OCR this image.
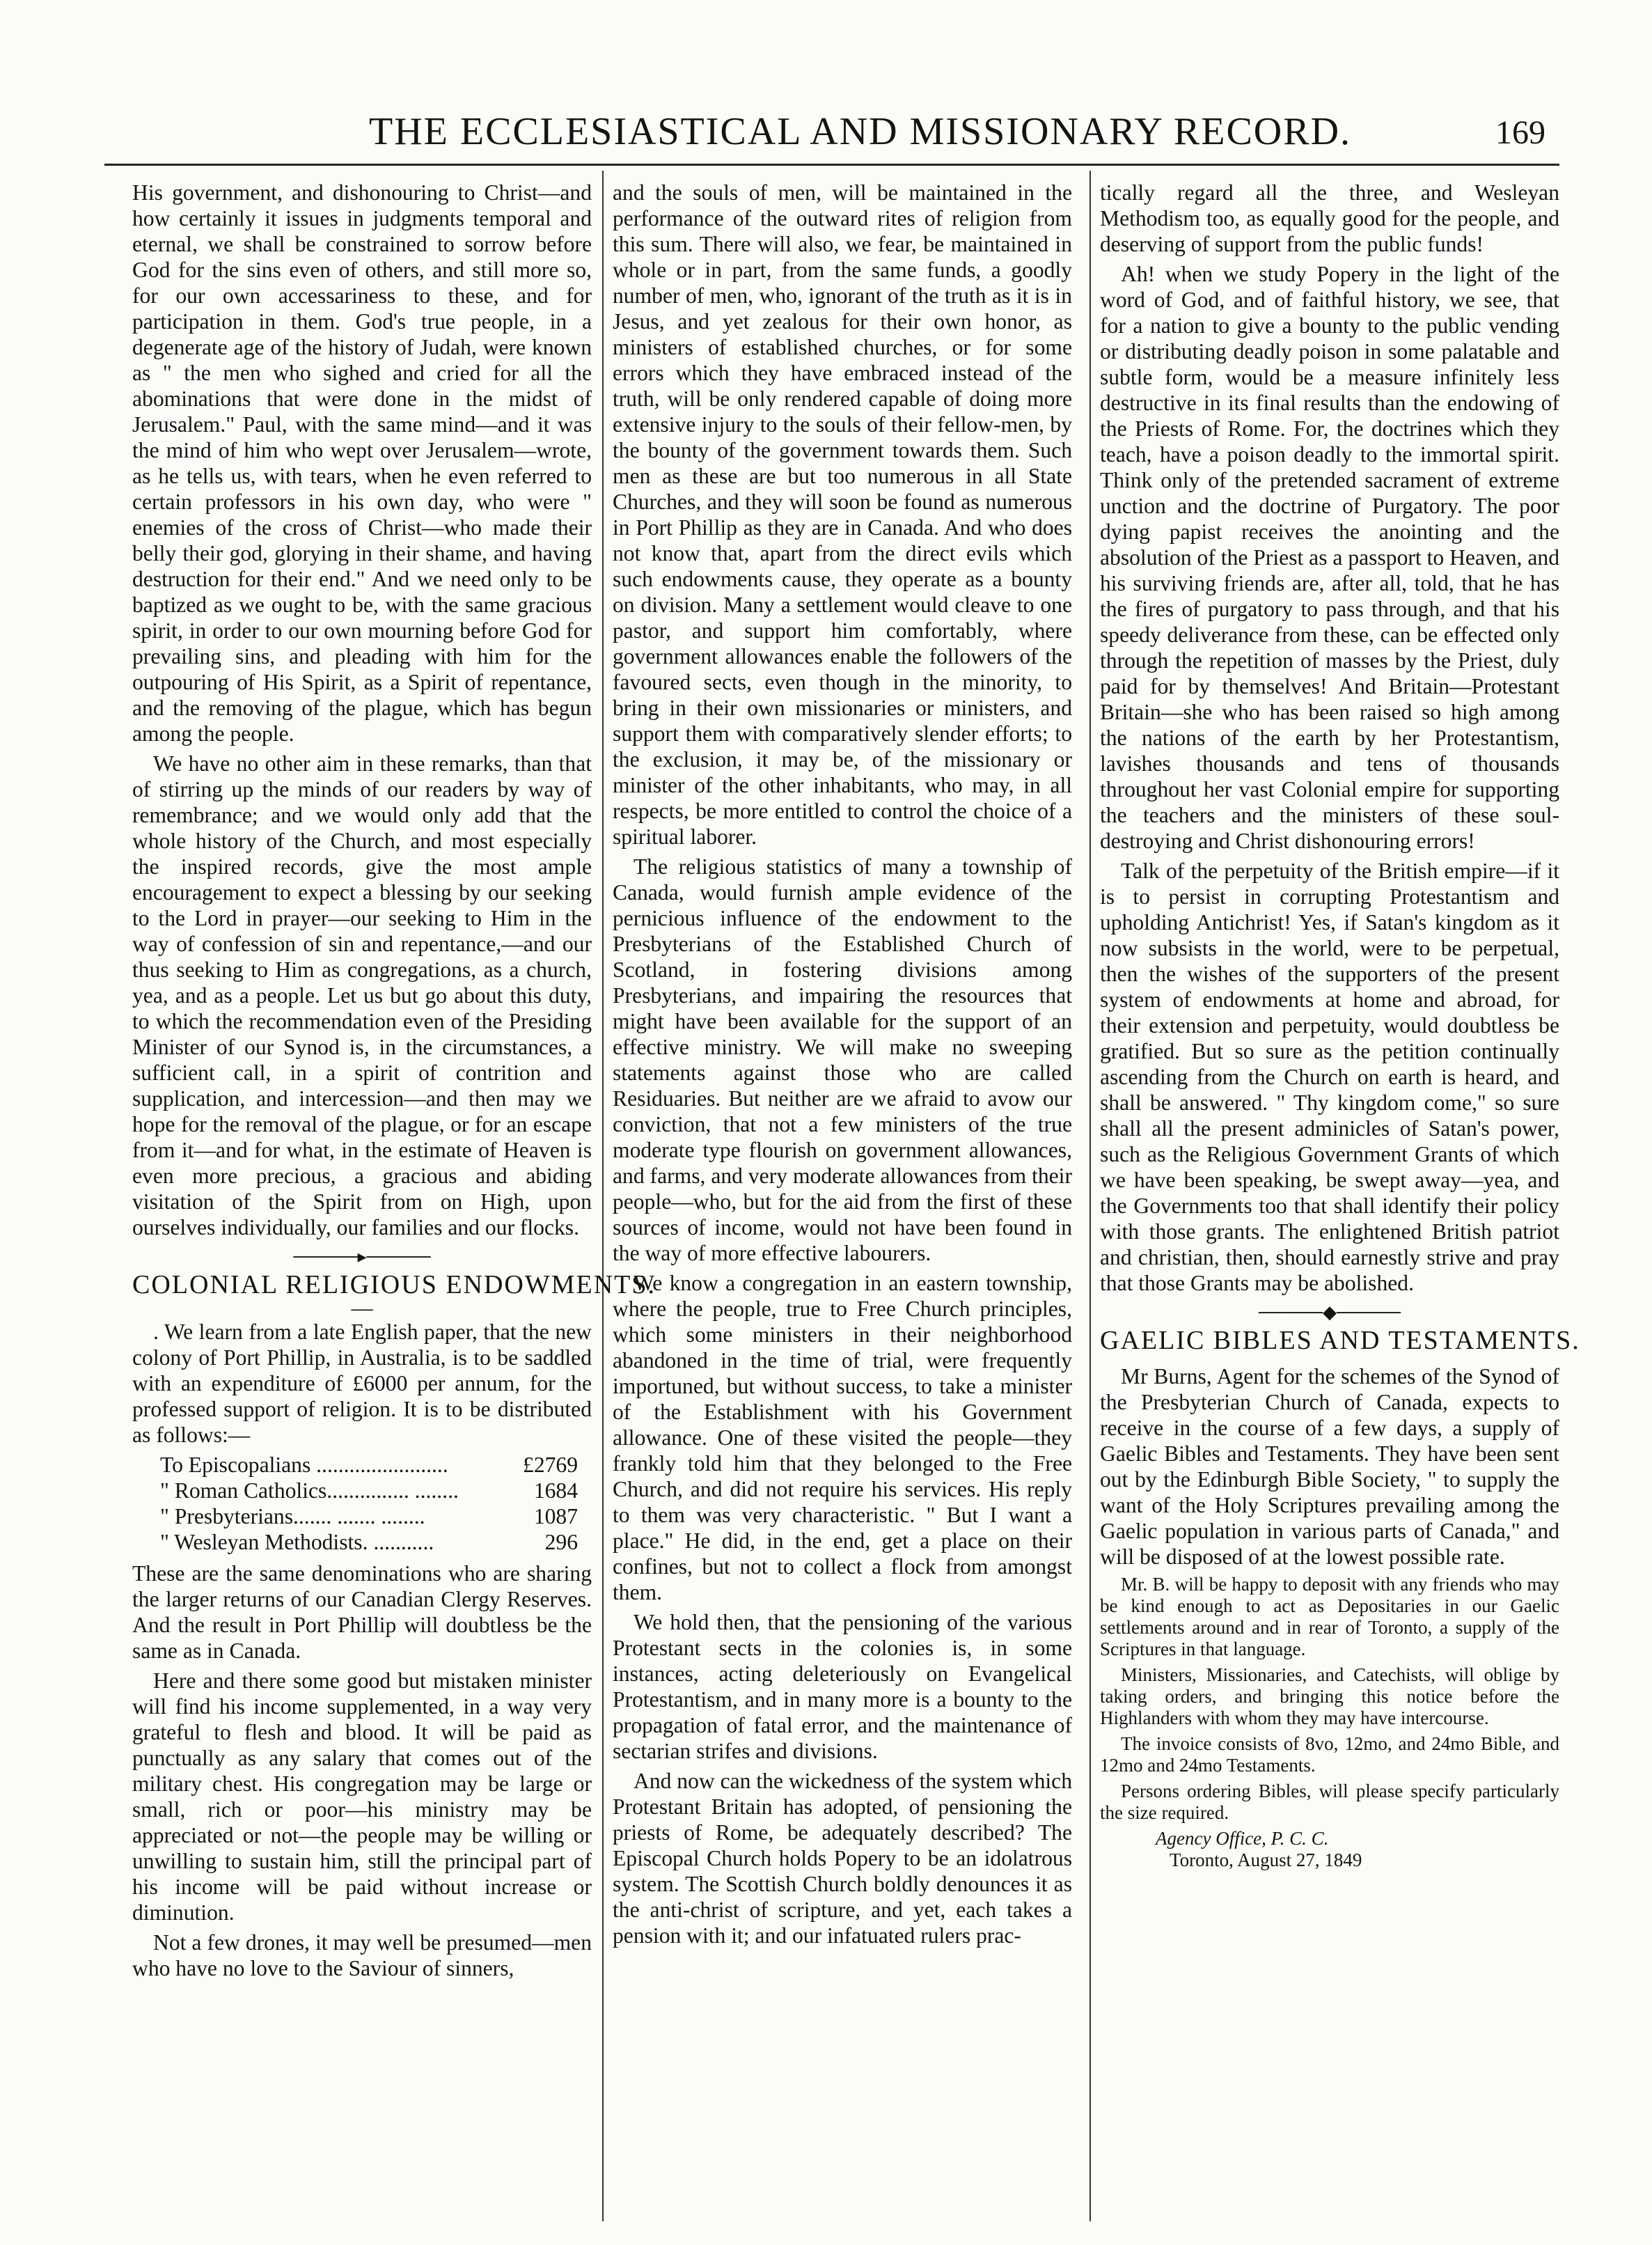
THE ECCLESIASTICAL AND MISSIONARY RECORD.	169

His government, and dishonouring to Christ—and how certainly it issues in judgments temporal and eternal, we shall be constrained to sorrow before God for the sins even of others, and still more so, for our own accessariness to these, and for participation in them. God's true people, in a degenerate age of the history of Judah, were known as " the men who sighed and cried for all the abominations that were done in the midst of Jerusalem." Paul, with the same mind—and it was the mind of him who wept over Jerusalem—wrote, as he tells us, with tears, when he even referred to certain professors in his own day, who were " enemies of the cross of Christ—who made their belly their god, glorying in their shame, and having destruction for their end." And we need only to be baptized as we ought to be, with the same gracious spirit, in order to our own mourning before God for prevailing sins, and pleading with him for the outpouring of His Spirit, as a Spirit of repentance, and the removing of the plague, which has begun among the people.

We have no other aim in these remarks, than that of stirring up the minds of our readers by way of remembrance; and we would only add that the whole history of the Church, and most especially the inspired records, give the most ample encouragement to expect a blessing by our seeking to the Lord in prayer—our seeking to Him in the way of confession of sin and repentance,—and our thus seeking to Him as congregations, as a church, yea, and as a people. Let us but go about this duty, to which the recommendation even of the Presiding Minister of our Synod is, in the circumstances, a sufficient call, in a spirit of contrition and supplication, and intercession—and then may we hope for the removal of the plague, or for an escape from it—and for what, in the estimate of Heaven is even more precious, a gracious and abiding visitation of the Spirit from on High, upon ourselves individually, our families and our flocks.

─────▸─────
COLONIAL RELIGIOUS ENDOWMENTS.
──

. We learn from a late English paper, that the new colony of Port Phillip, in Australia, is to be saddled with an expenditure of £6000 per annum, for the professed support of religion. It is to be distributed as follows:—

To Episcopalians ........................	£2769
" Roman Catholics............... ........	1684
" Presbyterians....... ....... ........	1087
" Wesleyan Methodists. ...........	296

These are the same denominations who are sharing the larger returns of our Canadian Clergy Reserves. And the result in Port Phillip will doubtless be the same as in Canada.

Here and there some good but mistaken minister will find his income supplemented, in a way very grateful to flesh and blood. It will be paid as punctually as any salary that comes out of the military chest. His congregation may be large or small, rich or poor—his ministry may be appreciated or not—the people may be willing or unwilling to sustain him, still the principal part of his income will be paid without increase or diminution.

Not a few drones, it may well be presumed—men who have no love to the Saviour of sinners,

and the souls of men, will be maintained in the performance of the outward rites of religion from this sum. There will also, we fear, be maintained in whole or in part, from the same funds, a goodly number of men, who, ignorant of the truth as it is in Jesus, and yet zealous for their own honor, as ministers of established churches, or for some errors which they have embraced instead of the truth, will be only rendered capable of doing more extensive injury to the souls of their fellow-men, by the bounty of the government towards them. Such men as these are but too numerous in all State Churches, and they will soon be found as numerous in Port Phillip as they are in Canada. And who does not know that, apart from the direct evils which such endowments cause, they operate as a bounty on division. Many a settlement would cleave to one pastor, and support him comfortably, where government allowances enable the followers of the favoured sects, even though in the minority, to bring in their own missionaries or ministers, and support them with comparatively slender efforts; to the exclusion, it may be, of the missionary or minister of the other inhabitants, who may, in all respects, be more entitled to control the choice of a spiritual laborer.

The religious statistics of many a township of Canada, would furnish ample evidence of the pernicious influence of the endowment to the Presbyterians of the Established Church of Scotland, in fostering divisions among Presbyterians, and impairing the resources that might have been available for the support of an effective ministry. We will make no sweeping statements against those who are called Residuaries. But neither are we afraid to avow our conviction, that not a few ministers of the true moderate type flourish on government allowances, and farms, and very moderate allowances from their people—who, but for the aid from the first of these sources of income, would not have been found in the way of more effective labourers.

We know a congregation in an eastern township, where the people, true to Free Church principles, which some ministers in their neighborhood abandoned in the time of trial, were frequently importuned, but without success, to take a minister of the Establishment with his Government allowance. One of these visited the people—they frankly told him that they belonged to the Free Church, and did not require his services. His reply to them was very characteristic. " But I want a place." He did, in the end, get a place on their confines, but not to collect a flock from amongst them.

We hold then, that the pensioning of the various Protestant sects in the colonies is, in some instances, acting deleteriously on Evangelical Protestantism, and in many more is a bounty to the propagation of fatal error, and the maintenance of sectarian strifes and divisions.

And now can the wickedness of the system which Protestant Britain has adopted, of pensioning the priests of Rome, be adequately described? The Episcopal Church holds Popery to be an idolatrous system. The Scottish Church boldly denounces it as the anti-christ of scripture, and yet, each takes a pension with it; and our infatuated rulers prac-

tically regard all the three, and Wesleyan Methodism too, as equally good for the people, and deserving of support from the public funds!

Ah! when we study Popery in the light of the word of God, and of faithful history, we see, that for a nation to give a bounty to the public vending or distributing deadly poison in some palatable and subtle form, would be a measure infinitely less destructive in its final results than the endowing of the Priests of Rome. For, the doctrines which they teach, have a poison deadly to the immortal spirit. Think only of the pretended sacrament of extreme unction and the doctrine of Purgatory. The poor dying papist receives the anointing and the absolution of the Priest as a passport to Heaven, and his surviving friends are, after all, told, that he has the fires of purgatory to pass through, and that his speedy deliverance from these, can be effected only through the repetition of masses by the Priest, duly paid for by themselves! And Britain—Protestant Britain—she who has been raised so high among the nations of the earth by her Protestantism, lavishes thousands and tens of thousands throughout her vast Colonial empire for supporting the teachers and the ministers of these soul-destroying and Christ dishonouring errors!

Talk of the perpetuity of the British empire—if it is to persist in corrupting Protestantism and upholding Antichrist! Yes, if Satan's kingdom as it now subsists in the world, were to be perpetual, then the wishes of the supporters of the present system of endowments at home and abroad, for their extension and perpetuity, would doubtless be gratified. But so sure as the petition continually ascending from the Church on earth is heard, and shall be answered. " Thy kingdom come," so sure shall all the present adminicles of Satan's power, such as the Religious Government Grants of which we have been speaking, be swept away—yea, and the Governments too that shall identify their policy with those grants. The enlightened British patriot and christian, then, should earnestly strive and pray that those Grants may be abolished.

─────◆─────
GAELIC BIBLES AND TESTAMENTS.

Mr Burns, Agent for the schemes of the Synod of the Presbyterian Church of Canada, expects to receive in the course of a few days, a supply of Gaelic Bibles and Testaments. They have been sent out by the Edinburgh Bible Society, " to supply the want of the Holy Scriptures prevailing among the Gaelic population in various parts of Canada," and will be disposed of at the lowest possible rate.

Mr. B. will be happy to deposit with any friends who may be kind enough to act as Depositaries in our Gaelic settlements around and in rear of Toronto, a supply of the Scriptures in that language.

Ministers, Missionaries, and Catechists, will oblige by taking orders, and bringing this notice before the Highlanders with whom they may have intercourse.

The invoice consists of 8vo, 12mo, and 24mo Bible, and 12mo and 24mo Testaments.

Persons ordering Bibles, will please specify particularly the size required.

Agency Office, P. C. C.
Toronto, August 27, 1849
